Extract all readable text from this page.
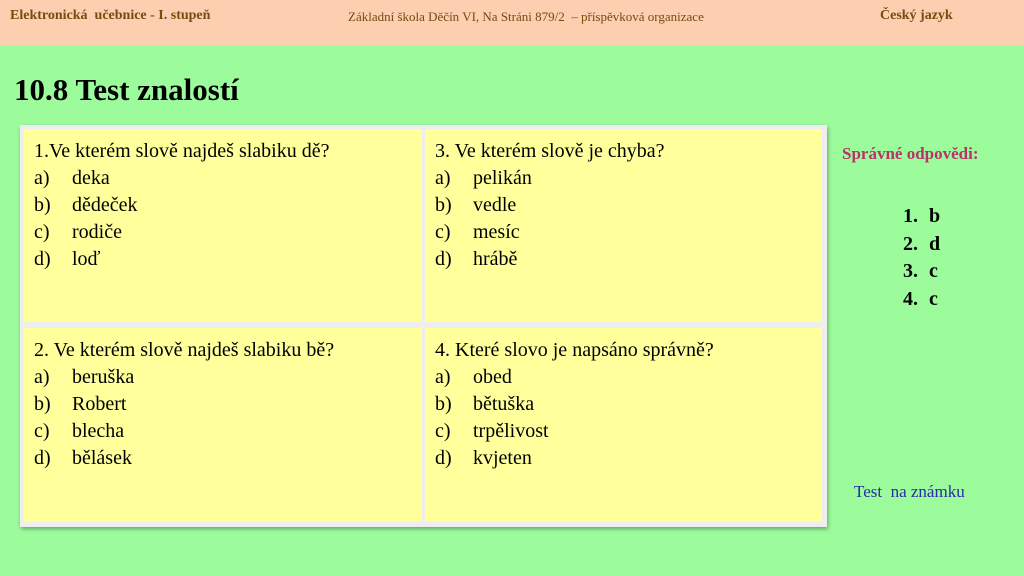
Elektronická  učebnice - I. stupeň	Základní škola Děčín VI, Na Stráni 879/2  – příspěvková organizace	Český jazyk
10.8 Test znalostí
1.Ve kterém slově najdeš slabiku dě?
a) deka
b) dědeček
c) rodiče
d) loď
3. Ve kterém slově je chyba?
a) pelikán
b) vedle
c) mesíc
d) hrábě
2. Ve kterém slově najdeš slabiku bě?
a) beruška
b) Robert
c) blecha
d) bělásek
4. Které slovo je napsáno správně?
a) obed
b) bětuška
c) trpělivost
d) kvjeten
Správné odpovědi:
1. b
2. d
3. c
4. c
Test  na známku
